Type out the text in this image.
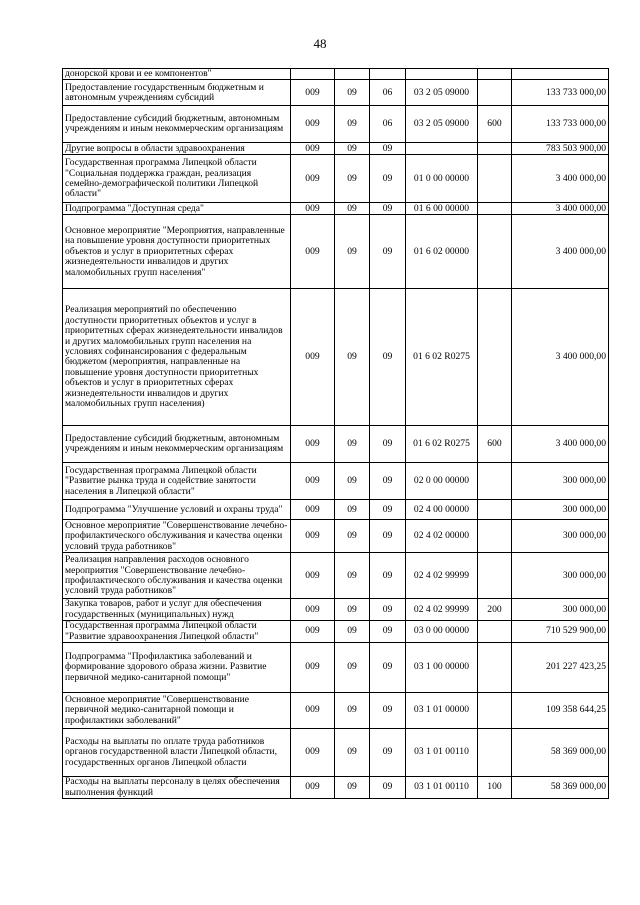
48
донорской крови и ее компонентов"						
Предоставление государственным бюджетным и автономным учреждениям субсидий	009	09	06	03 2 05 09000		133 733 000,00
Предоставление субсидий бюджетным, автономным учреждениям и иным некоммерческим организациям	009	09	06	03 2 05 09000	600	133 733 000,00
Другие вопросы в области здравоохранения	009	09	09			783 503 900,00
Государственная программа Липецкой области "Социальная поддержка граждан, реализация семейно-демографической политики Липецкой области"	009	09	09	01 0 00 00000		3 400 000,00
Подпрограмма "Доступная среда"	009	09	09	01 6 00 00000		3 400 000,00
Основное мероприятие "Мероприятия, направленные на повышение уровня доступности приоритетных объектов и услуг в приоритетных сферах жизнедеятельности инвалидов и других маломобильных групп населения"	009	09	09	01 6 02 00000		3 400 000,00
Реализация мероприятий по обеспечению доступности приоритетных объектов и услуг в приоритетных сферах жизнедеятельности инвалидов и других маломобильных групп населения на условиях софинансирования с федеральным бюджетом (мероприятия, направленные на повышение уровня доступности приоритетных объектов и услуг в приоритетных сферах жизнедеятельности инвалидов и других маломобильных групп населения)	009	09	09	01 6 02 R0275		3 400 000,00
Предоставление субсидий бюджетным, автономным учреждениям и иным некоммерческим организациям	009	09	09	01 6 02 R0275	600	3 400 000,00
Государственная программа Липецкой области "Развитие рынка труда и содействие занятости населения в Липецкой области"	009	09	09	02 0 00 00000		300 000,00
Подпрограмма "Улучшение условий и охраны труда"	009	09	09	02 4 00 00000		300 000,00
Основное мероприятие "Совершенствование лечебно-профилактического обслуживания и качества оценки условий труда работников"	009	09	09	02 4 02 00000		300 000,00
Реализация направления расходов основного мероприятия "Совершенствование лечебно-профилактического обслуживания и качества оценки условий труда работников"	009	09	09	02 4 02 99999		300 000,00
Закупка товаров, работ и услуг для обеспечения государственных (муниципальных) нужд	009	09	09	02 4 02 99999	200	300 000,00
Государственная программа Липецкой области "Развитие здравоохранения Липецкой области"	009	09	09	03 0 00 00000		710 529 900,00
Подпрограмма "Профилактика заболеваний и формирование здорового образа жизни. Развитие первичной медико-санитарной помощи"	009	09	09	03 1 00 00000		201 227 423,25
Основное мероприятие "Совершенствование первичной медико-санитарной помощи и профилактики заболеваний"	009	09	09	03 1 01 00000		109 358 644,25
Расходы на выплаты по оплате труда работников органов государственной власти Липецкой области, государственных органов Липецкой области	009	09	09	03 1 01 00110		58 369 000,00
Расходы на выплаты персоналу в целях обеспечения выполнения функций	009	09	09	03 1 01 00110	100	58 369 000,00
